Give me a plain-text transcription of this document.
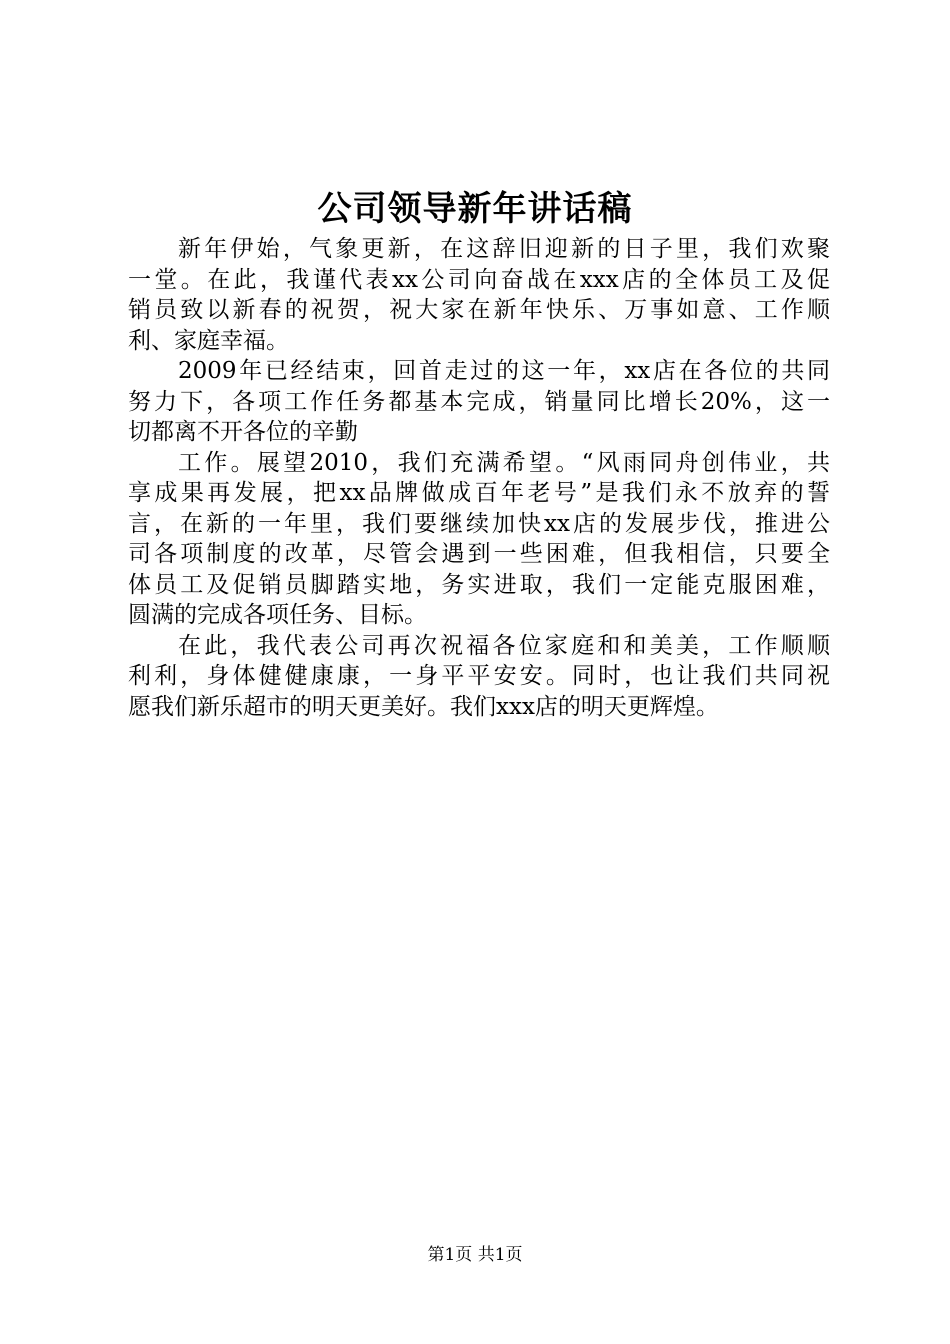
公司领导新年讲话稿
新年伊始，气象更新，在这辞旧迎新的日子里，我们欢聚
一堂。在此，我谨代表xx公司向奋战在xxx店的全体员工及促
销员致以新春的祝贺，祝大家在新年快乐、万事如意、工作顺
利、家庭幸福。
2009年已经结束，回首走过的这一年，xx店在各位的共同
努力下，各项工作任务都基本完成，销量同比增长20%，这一
切都离不开各位的辛勤
工作。展望2010，我们充满希望。“风雨同舟创伟业，共
享成果再发展，把xx品牌做成百年老号”是我们永不放弃的誓
言，在新的一年里，我们要继续加快xx店的发展步伐，推进公
司各项制度的改革，尽管会遇到一些困难，但我相信，只要全
体员工及促销员脚踏实地，务实进取，我们一定能克服困难，
圆满的完成各项任务、目标。
在此，我代表公司再次祝福各位家庭和和美美，工作顺顺
利利，身体健健康康，一身平平安安。同时，也让我们共同祝
愿我们新乐超市的明天更美好。我们xxx店的明天更辉煌。
第1页 共1页
